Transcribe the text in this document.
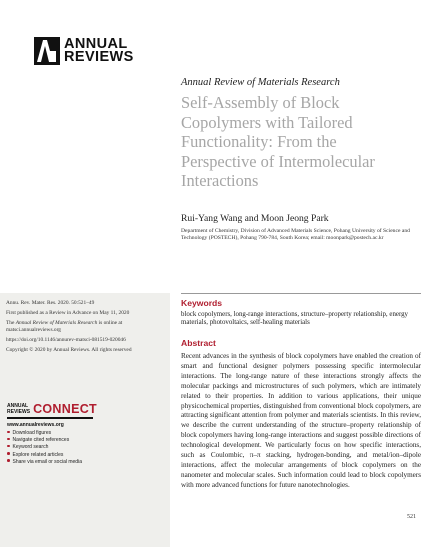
ANNUAL
REVIEWS
Annual Review of Materials Research
Self-Assembly of Block Copolymers with Tailored Functionality: From the Perspective of Intermolecular Interactions
Rui-Yang Wang and Moon Jeong Park
Department of Chemistry, Division of Advanced Materials Science, Pohang University of Science and Technology (POSTECH), Pohang 790-784, South Korea; email: moonpark@postech.ac.kr

Annu. Rev. Mater. Res. 2020. 50:521–49

First published as a Review in Advance on May 11, 2020

The Annual Review of Materials Research is online at matsci.annualreviews.org

https://doi.org/10.1146/annurev-matsci-081519-020046

Copyright © 2020 by Annual Reviews. All rights reserved

ANNUAL
REVIEWS CONNECT
www.annualreviews.org
Download figures
Navigate cited references
Keyword search
Explore related articles
Share via email or social media
Keywords
block copolymers, long-range interactions, structure–property relationship, energy materials, photovoltaics, self-healing materials
Abstract
Recent advances in the synthesis of block copolymers have enabled the creation of smart and functional designer polymers possessing specific intermolecular interactions. The long-range nature of these interactions strongly affects the molecular packings and microstructures of such polymers, which are intimately related to their properties. In addition to various applications, their unique physicochemical properties, distinguished from conventional block copolymers, are attracting significant attention from polymer and materials scientists. In this review, we describe the current understanding of the structure–property relationship of block copolymers having long-range interactions and suggest possible directions of technological development. We particularly focus on how specific interactions, such as Coulombic, π–π stacking, hydrogen-bonding, and metal/ion–dipole interactions, affect the molecular arrangements of block copolymers on the nanometer and molecular scales. Such information could lead to block copolymers with more advanced functions for future nanotechnologies.
521
